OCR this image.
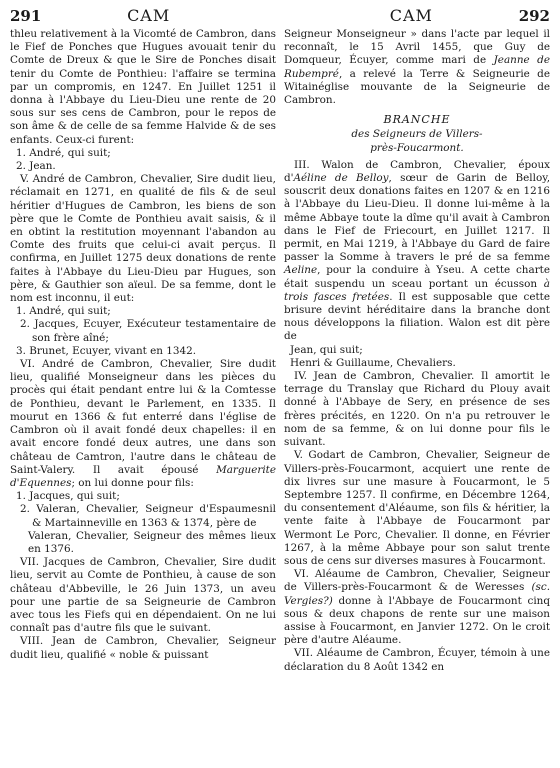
291	CAM	CAM	292

thleu relativement à la Vicomté de Cambron, dans le Fief de Ponches que Hugues avouait tenir du Comte de Dreux & que le Sire de Ponches disait tenir du Comte de Ponthieu: l'affaire se termina par un compromis, en 1247. En Juillet 1251 il donna à l'Abbaye du Lieu-Dieu une rente de 20 sous sur ses cens de Cambron, pour le repos de son âme & de celle de sa femme Halvide & de ses enfants. Ceux-ci furent:

1. André, qui suit;

2. Jean.

V. André de Cambron, Chevalier, Sire dudit lieu, réclamait en 1271, en qualité de fils & de seul héritier d'Hugues de Cambron, les biens de son père que le Comte de Ponthieu avait saisis, & il en obtint la restitution moyennant l'abandon au Comte des fruits que celui-ci avait perçus. Il confirma, en Juillet 1275 deux donations de rente faites à l'Abbaye du Lieu-Dieu par Hugues, son père, & Gauthier son aïeul. De sa femme, dont le nom est inconnu, il eut:

1. André, qui suit;

2. Jacques, Ecuyer, Exécuteur testamentaire de son frère aîné;

3. Brunet, Ecuyer, vivant en 1342.

VI. André de Cambron, Chevalier, Sire dudit lieu, qualifié Monseigneur dans les pièces du procès qui était pendant entre lui & la Comtesse de Ponthieu, devant le Parlement, en 1335. Il mourut en 1366 & fut enterré dans l'église de Cambron où il avait fondé deux chapelles: il en avait encore fondé deux autres, une dans son château de Camtron, l'autre dans le château de Saint-Valery. Il avait épousé Marguerite d'Equennes; on lui donne pour fils:

1. Jacques, qui suit;

2. Valeran, Chevalier, Seigneur d'Espaumesnil & Martainneville en 1363 & 1374, père de

Valeran, Chevalier, Seigneur des mêmes lieux en 1376.

VII. Jacques de Cambron, Chevalier, Sire dudit lieu, servit au Comte de Ponthieu, à cause de son château d'Abbeville, le 26 Juin 1373, un aveu pour une partie de sa Seigneurie de Cambron avec tous les Fiefs qui en dépendaient. On ne lui connaît pas d'autre fils que le suivant.

VIII. Jean de Cambron, Chevalier, Seigneur dudit lieu, qualifié « noble & puissant

Seigneur Monseigneur » dans l'acte par lequel il reconnaît, le 15 Avril 1455, que Guy de Domqueur, Écuyer, comme mari de Jeanne de Rubempré, a relevé la Terre & Seigneurie de Witainéglise mouvante de la Seigneurie de Cambron.

BRANCHE

des Seigneurs de Villers-
près-Foucarmont.

III. Walon de Cambron, Chevalier, époux d'Aéline de Belloy, sœur de Garin de Belloy, souscrit deux donations faites en 1207 & en 1216 à l'Abbaye du Lieu-Dieu. Il donne lui-même à la même Abbaye toute la dîme qu'il avait à Cambron dans le Fief de Friecourt, en Juillet 1217. Il permit, en Mai 1219, à l'Abbaye du Gard de faire passer la Somme à travers le pré de sa femme Aeline, pour la conduire à Yseu. A cette charte était suspendu un sceau portant un écusson à trois fasces fretées. Il est supposable que cette brisure devint héréditaire dans la branche dont nous développons la filiation. Walon est dit père de

Jean, qui suit;

Henri & Guillaume, Chevaliers.

IV. Jean de Cambron, Chevalier. Il amortit le terrage du Translay que Richard du Plouy avait donné à l'Abbaye de Sery, en présence de ses frères précités, en 1220. On n'a pu retrouver le nom de sa femme, & on lui donne pour fils le suivant.

V. Godart de Cambron, Chevalier, Seigneur de Villers-près-Foucarmont, acquiert une rente de dix livres sur une masure à Foucarmont, le 5 Septembre 1257. Il confirme, en Décembre 1264, du consentement d'Aléaume, son fils & héritier, la vente faite à l'Abbaye de Foucarmont par Wermont Le Porc, Chevalier. Il donne, en Février 1267, à la même Abbaye pour son salut trente sous de cens sur diverses masures à Foucarmont.

VI. Aléaume de Cambron, Chevalier, Seigneur de Villers-près-Foucarmont & de Weresses (sc. Vergies?) donne à l'Abbaye de Foucarmont cinq sous & deux chapons de rente sur une maison assise à Foucarmont, en Janvier 1272. On le croit père d'autre Aléaume.

VII. Aléaume de Cambron, Écuyer, témoin à une déclaration du 8 Août 1342 en
